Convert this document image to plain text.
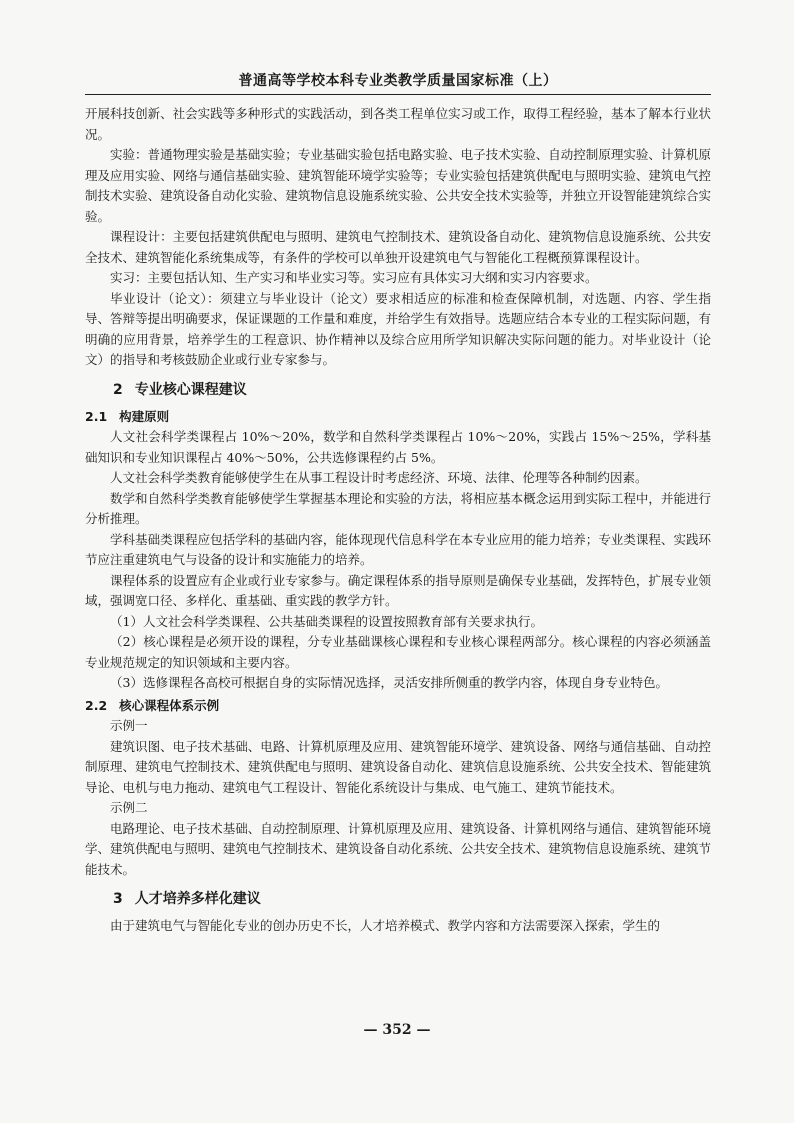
普通高等学校本科专业类教学质量国家标准（上）

开展科技创新、社会实践等多种形式的实践活动，到各类工程单位实习或工作，取得工程经验，基本了解本行业状况。

实验：普通物理实验是基础实验；专业基础实验包括电路实验、电子技术实验、自动控制原理实验、计算机原理及应用实验、网络与通信基础实验、建筑智能环境学实验等；专业实验包括建筑供配电与照明实验、建筑电气控制技术实验、建筑设备自动化实验、建筑物信息设施系统实验、公共安全技术实验等，并独立开设智能建筑综合实验。

课程设计：主要包括建筑供配电与照明、建筑电气控制技术、建筑设备自动化、建筑物信息设施系统、公共安全技术、建筑智能化系统集成等，有条件的学校可以单独开设建筑电气与智能化工程概预算课程设计。

实习：主要包括认知、生产实习和毕业实习等。实习应有具体实习大纲和实习内容要求。

毕业设计（论文）：须建立与毕业设计（论文）要求相适应的标准和检查保障机制，对选题、内容、学生指导、答辩等提出明确要求，保证课题的工作量和难度，并给学生有效指导。选题应结合本专业的工程实际问题，有明确的应用背景，培养学生的工程意识、协作精神以及综合应用所学知识解决实际问题的能力。对毕业设计（论文）的指导和考核鼓励企业或行业专家参与。

2 专业核心课程建议
2.1 构建原则

人文社会科学类课程占 10%～20%，数学和自然科学类课程占 10%～20%，实践占 15%～25%，学科基础知识和专业知识课程占 40%～50%，公共选修课程约占 5%。

人文社会科学类教育能够使学生在从事工程设计时考虑经济、环境、法律、伦理等各种制约因素。

数学和自然科学类教育能够使学生掌握基本理论和实验的方法，将相应基本概念运用到实际工程中，并能进行分析推理。

学科基础类课程应包括学科的基础内容，能体现现代信息科学在本专业应用的能力培养；专业类课程、实践环节应注重建筑电气与设备的设计和实施能力的培养。

课程体系的设置应有企业或行业专家参与。确定课程体系的指导原则是确保专业基础，发挥特色，扩展专业领域，强调宽口径、多样化、重基础、重实践的教学方针。

（1）人文社会科学类课程、公共基础类课程的设置按照教育部有关要求执行。

（2）核心课程是必须开设的课程，分专业基础课核心课程和专业核心课程两部分。核心课程的内容必须涵盖专业规范规定的知识领域和主要内容。

（3）选修课程各高校可根据自身的实际情况选择，灵活安排所侧重的教学内容，体现自身专业特色。

2.2 核心课程体系示例

示例一

建筑识图、电子技术基础、电路、计算机原理及应用、建筑智能环境学、建筑设备、网络与通信基础、自动控制原理、建筑电气控制技术、建筑供配电与照明、建筑设备自动化、建筑信息设施系统、公共安全技术、智能建筑导论、电机与电力拖动、建筑电气工程设计、智能化系统设计与集成、电气施工、建筑节能技术。

示例二

电路理论、电子技术基础、自动控制原理、计算机原理及应用、建筑设备、计算机网络与通信、建筑智能环境学、建筑供配电与照明、建筑电气控制技术、建筑设备自动化系统、公共安全技术、建筑物信息设施系统、建筑节能技术。

3 人才培养多样化建议

由于建筑电气与智能化专业的创办历史不长，人才培养模式、教学内容和方法需要深入探索，学生的

— 352 —
